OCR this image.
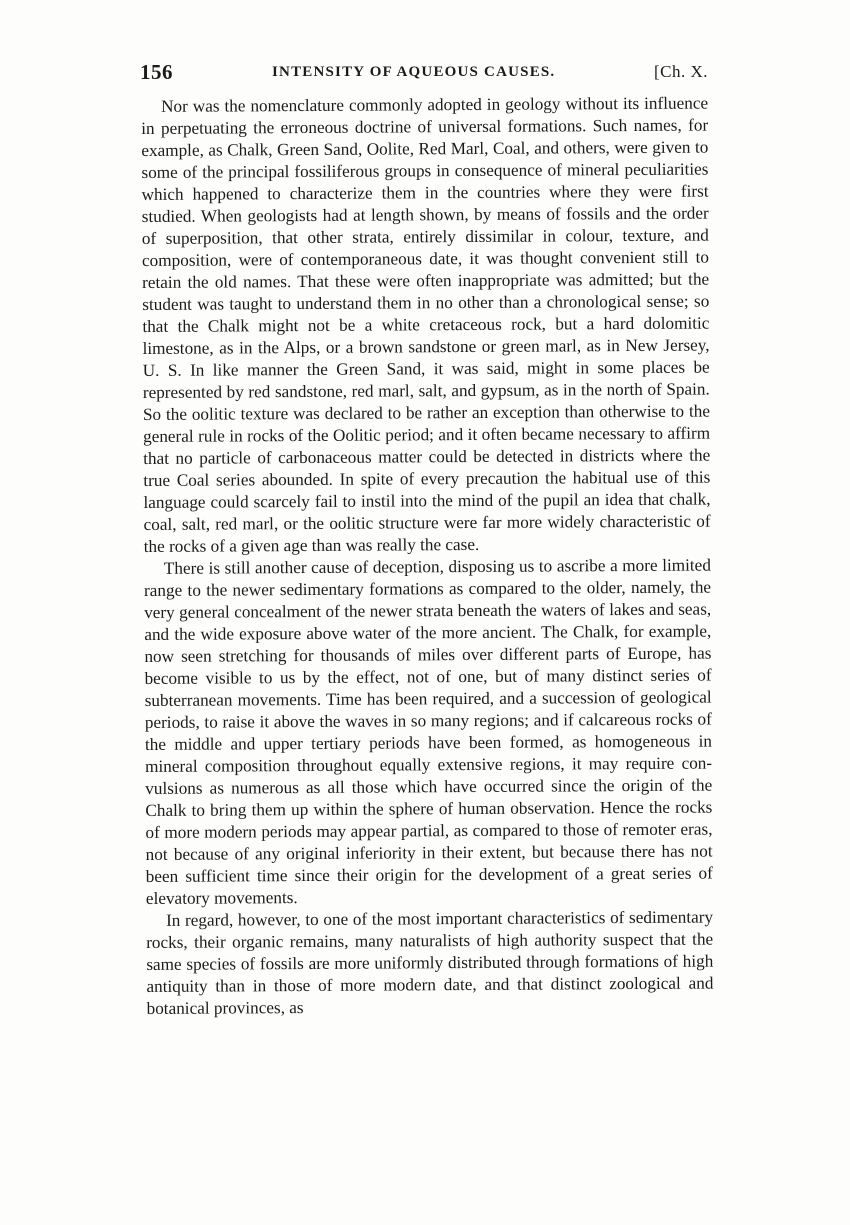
156	INTENSITY OF AQUEOUS CAUSES.	[Ch. X.

Nor was the nomenclature commonly adopted in geology without its influence in perpetuating the erroneous doctrine of universal formations. Such names, for example, as Chalk, Green Sand, Oolite, Red Marl, Coal, and others, were given to some of the principal fossiliferous groups in consequence of mineral peculiarities which happened to characterize them in the countries where they were first studied. When geologists had at length shown, by means of fossils and the order of superposition, that other strata, entirely dissimilar in colour, texture, and composition, were of contemporaneous date, it was thought convenient still to retain the old names. That these were often inappropriate was admitted; but the student was taught to understand them in no other than a chronological sense; so that the Chalk might not be a white cretaceous rock, but a hard dolomitic limestone, as in the Alps, or a brown sandstone or green marl, as in New Jersey, U. S. In like manner the Green Sand, it was said, might in some places be represented by red sandstone, red marl, salt, and gypsum, as in the north of Spain. So the oolitic texture was declared to be rather an exception than otherwise to the general rule in rocks of the Oolitic period; and it often became necessary to affirm that no particle of carbonaceous matter could be detected in districts where the true Coal series abounded. In spite of every precaution the habitual use of this language could scarcely fail to instil into the mind of the pupil an idea that chalk, coal, salt, red marl, or the oolitic structure were far more widely characteristic of the rocks of a given age than was really the case.

There is still another cause of deception, disposing us to ascribe a more limited range to the newer sedimentary formations as compared to the older, namely, the very general concealment of the newer strata beneath the waters of lakes and seas, and the wide exposure above water of the more ancient. The Chalk, for example, now seen stretching for thousands of miles over different parts of Europe, has become visible to us by the effect, not of one, but of many distinct series of subterranean movements. Time has been required, and a succession of geological periods, to raise it above the waves in so many regions; and if calcareous rocks of the middle and upper tertiary periods have been formed, as homogeneous in mineral composition throughout equally extensive regions, it may require convulsions as numerous as all those which have occurred since the origin of the Chalk to bring them up within the sphere of human observation. Hence the rocks of more modern periods may appear partial, as compared to those of remoter eras, not because of any original inferiority in their extent, but because there has not been sufficient time since their origin for the development of a great series of elevatory movements.

In regard, however, to one of the most important characteristics of sedimentary rocks, their organic remains, many naturalists of high authority suspect that the same species of fossils are more uniformly distributed through formations of high antiquity than in those of more modern date, and that distinct zoological and botanical provinces, as
